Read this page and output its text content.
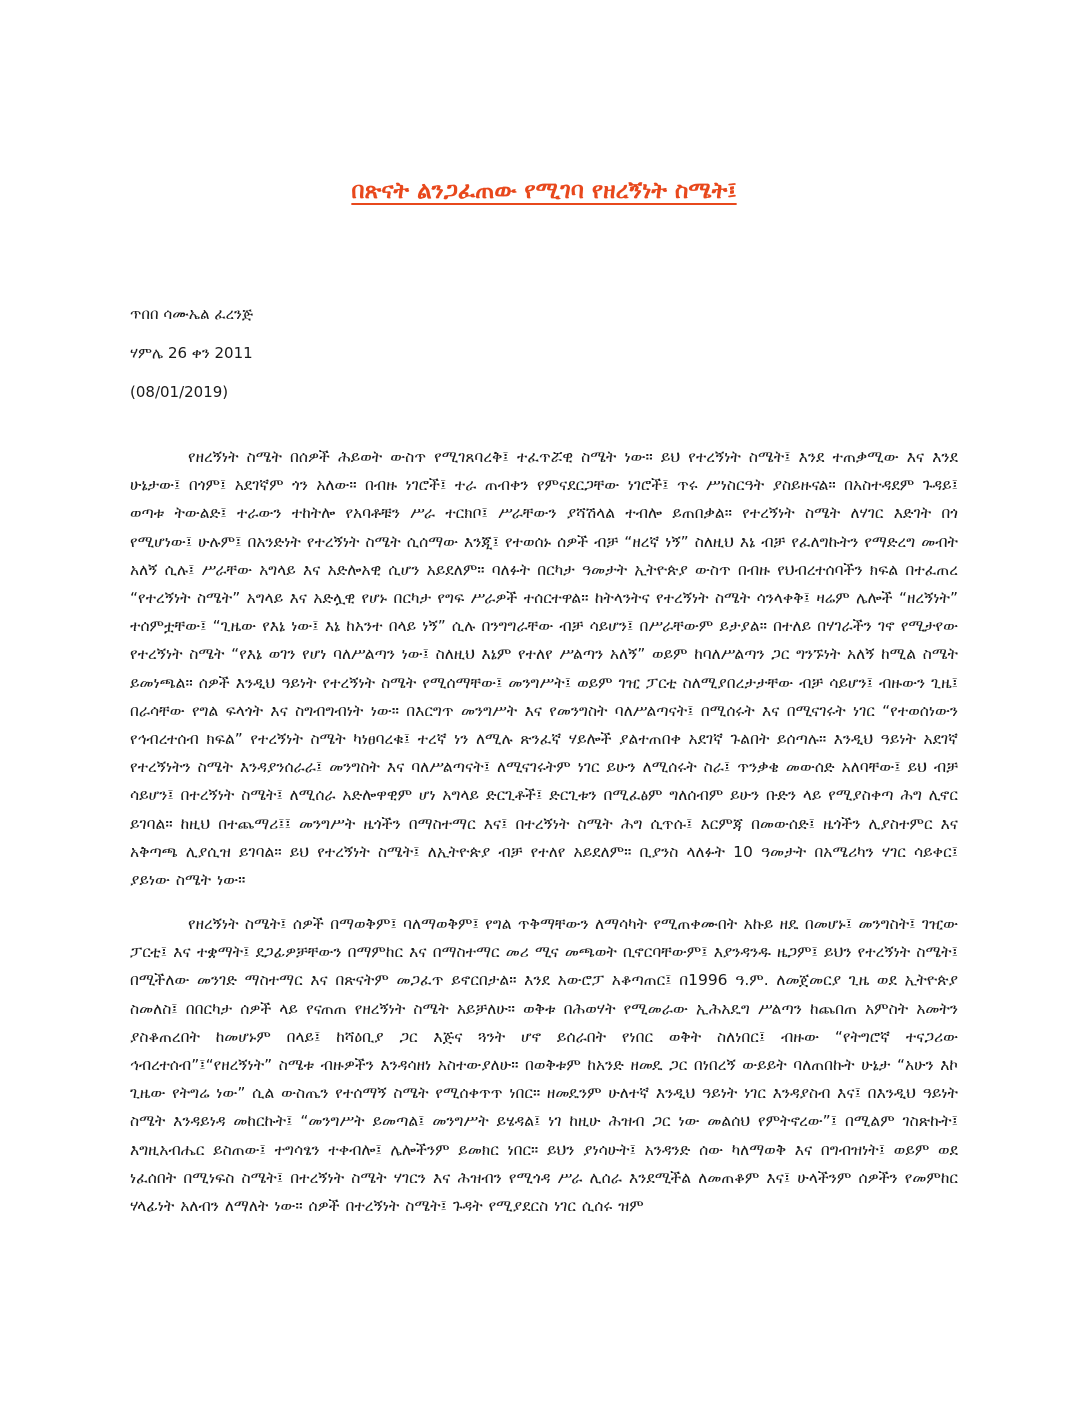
በጽናት ልንጋፈጠው የሚገባ የዘረኝነት ስሜት፤

ጥበበ ሳሙኤል ፈረንጅ

ሃምሌ 26 ቀን 2011

(08/01/2019)

የዘረኝነት ስሜት በሰዎች ሕይወት ውስጥ የሚገጸባረቅ፤ ተፈጥሯዊ ስሜት ነው። ይህ የተረኝነት ስሜት፤ እንደ ተጠቃሚው እና እንደ ሁኔታው፤ በጎም፤ አደገኛም ጎን አለው። በብዙ ነገሮች፤ ተራ ጠብቀን የምናደርጋቸው ነገሮች፤ ጥሩ ሥነስርዓት ያስይዙናል። በአስተዳደም ጉዳይ፤ ወጣቱ ትውልድ፤ ተራውን ተከትሎ የአባቶቹን ሥራ ተርክቦ፤ ሥራቸውን ያሻሽላል ተብሎ ይጠበቃል። የተረኝነት ስሜት ለሃገር እድገት በጎ የሚሆነው፤ ሁሉም፤ በአንድነት የተረኝነት ስሜት ሲሰማው እንጂ፤ የተወሰኑ ሰዎች ብቻ “ዘረኛ ነኝ” ስለዚህ እኔ ብቻ የፈለግኩትን የማድረግ መብት አለኝ ሲሉ፤ ሥራቸው አግላይ እና አድሎአዊ ሲሆን አይደለም። ባለፉት በርካታ ዓመታት ኢትዮጵያ ውስጥ በብዙ የህብረተሰባችን ክፍል በተፈጠረ “የተረኝነት ስሜት” አግላይ እና አድሏዊ የሆኑ በርካታ የግፍ ሥራዎች ተሰርተዋል። ከትላንትና የተረኝነት ስሜት ሳንላቀቅ፤ ዛሬም ሌሎች “ዘረኝነት” ተሰምቷቸው፤ “ጊዜው የእኔ ነው፤ እኔ ከአንተ በላይ ነኝ” ሲሉ በንግግራቸው ብቻ ሳይሆን፤ በሥራቸውም ይታያል። በተለይ በሃገራችን ገኖ የሚታየው የተረኝነት ስሜት “የእኔ ወገን የሆነ ባለሥልጣን ነው፤ ስለዚህ እኔም የተለየ ሥልጣን አለኝ” ወይም ከባለሥልጣን ጋር ግንኙነት አለኝ ከሚል ስሜት ይመነጫል። ሰዎች እንዲህ ዓይነት የተረኝነት ስሜት የሚሰማቸው፤ መንግሥት፤ ወይም ገዢ ፓርቲ ስለሚያበረታታቸው ብቻ ሳይሆን፤ ብዙውን ጊዜ፤ በራሳቸው የግል ፍላጎት እና ስግብግብነት ነው። በእርግጥ መንግሥት እና የመንግስት ባለሥልጣናት፤ በሚሰሩት እና በሚናገሩት ነገር “የተወሰነውን የኅብረተሰብ ክፍል” የተረኝነት ስሜት ካነፀባረቁ፤ ተረኛ ነን ለሚሉ ጽንፈኛ ሃይሎች ያልተጠበቀ አደገኛ ጉልበት ይሰጣሉ። እንዲህ ዓይነት አደገኛ የተረኝነትን ስሜት እንዳያንሰራራ፤ መንግስት እና ባለሥልጣናት፤ ለሚናገሩትም ነገር ይሁን ለሚሰሩት ስራ፤ ጥንቃቄ መውሰድ አለባቸው፤ ይህ ብቻ ሳይሆን፤ በተረኝነት ስሜት፤ ለሚሰራ አድሎዋዊም ሆነ አግላይ ድርጊቶች፤ ድርጊቱን በሚፈፅም ግለሰብም ይሁን ቡድን ላይ የሚያስቀጣ ሕግ ሊኖር ይገባል። ከዚህ በተጨማሪ፤፤ መንግሥት ዜጎችን በማስተማር እና፤ በተረኝነት ስሜት ሕግ ሲጥሱ፤ እርምጃ በመውሰድ፤ ዜጎችን ሊያስተምር እና አቅጣጫ ሊያሲዝ ይገባል። ይህ የተረኝነት ስሜት፤ ለኢትዮጵያ ብቻ የተለየ አይደለም። ቢያንስ ላለፉት 10 ዓመታት በአሜሪካን ሃገር ሳይቀር፤ ያይነው ስሜት ነው።

የዘረኝነት ስሜት፤ ሰዎች በማወቅም፤ ባለማወቅም፤ የግል ጥቅማቸውን ለማሳካት የሚጠቀሙበት አኩይ ዘዴ በመሆኑ፤ መንግስት፤ ገዢው ፓርቲ፤ እና ተቋማት፤ ደጋፊዎቻቸውን በማምከር እና በማስተማር መሪ ሚና መጫወት ቢኖርባቸውም፤ እያንዳንዱ ዜጋም፤ ይህን የተረኝነት ስሜት፤ በሚችለው መንገድ ማስተማር እና በጽናትም መጋፈጥ ይኖርበታል። እንደ አውሮፓ አቆጣጠር፤ በ1996 ዓ.ም. ለመጀመርያ ጊዜ ወደ ኢትዮጵያ ስመለስ፤ በበርካታ ሰዎች ላይ የናጠጠ የዘረኝነት ስሜት አይቻለሁ። ወቅቱ በሕወሃት የሚመራው ኢሕአዴግ ሥልጣን ከጨበጠ አምስት አመትን ያስቆጠረበት ከመሆኑም በላይ፤ ከሻዕቢያ ጋር እጅና ጓንት ሆኖ ይሰራበት የነበር ወቅት ስለነበር፤ ብዙው “የትግሮኛ ተናጋሪው ኅብረተሰብ”፤“የዘረኝነት” ስሜቱ ብዙዎችን እንዳሳዘነ አስተውያለሁ። በወቅቱም ከአንድ ዘመዴ ጋር በነበረኝ ውይይት ባለጠበኩት ሁኔታ “አሁን እኮ ጊዜው የትግሬ ነው” ሲል ውስጤን የተሰማኝ ስሜት የሚሰቀጥጥ ነበር። ዘመዴንም ሁለተኛ እንዲህ ዓይነት ነገር እንዳያስብ እና፤ በእንዲህ ዓይነት ስሜት እንዳይነዳ መከርኩት፤ “መንግሥት ይመጣል፤ መንግሥት ይሄዳል፤ ነገ ከዚሁ ሕዝብ ጋር ነው መልሰህ የምትኖረው”፤ በሚልም ገስጽኩት፤ እግዚአብሔር ይስጠው፤ ተግሳፄን ተቀብሎ፤ ሌሎችንም ይመክር ነበር። ይህን ያነሳሁት፤ አንዳንድ ሰው ካለማወቅ እና በግብዝነት፤ ወይም ወደ ነፈሰበት በሚነፍስ ስሜት፤ በተረኝነት ስሜት ሃገርን እና ሕዝብን የሚጎዳ ሥራ ሊሰራ እንደሚችል ለመጠቆም እና፤ ሁላችንም ሰዎችን የመምከር ሃላፊነት አለብን ለማለት ነው። ሰዎች በተረኝነት ስሜት፤ ጉዳት የሚያደርስ ነገር ሲሰሩ ዝም
